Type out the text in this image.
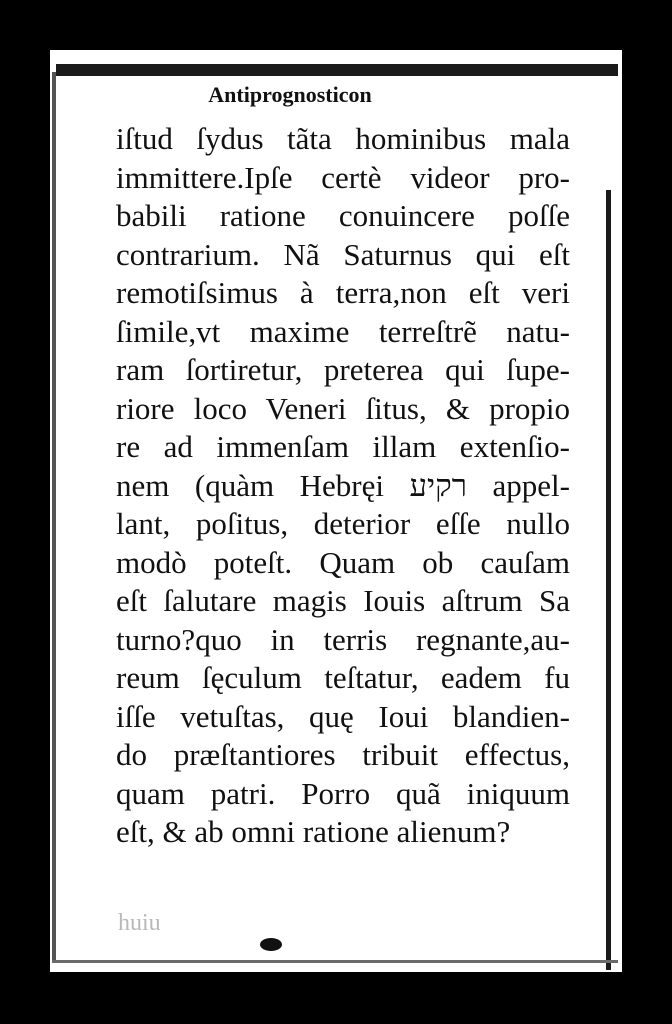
Antiprognosticon
iſtud ſydus tãta hominibus mala
immittere.Ipſe certè videor pro-
babili ratione conuincere poſſe
contrarium. Nã Saturnus qui eſt
remotiſsimus à terra,non eſt veri
ſimile,vt maxime terreſtrẽ natu-
ram ſortiretur, preterea qui ſupe-
riore loco Veneri ſitus, & propio
re ad immenſam illam extenſio-
nem (quàm Hebręi רקיע appel-
lant, poſitus, deterior eſſe nullo
modò poteſt. Quam ob cauſam
eſt ſalutare magis Iouis aſtrum Sa
turno?quo in terris regnante,au-
reum ſęculum teſtatur, eadem fu
iſſe vetuſtas, quę Ioui blandien-
do præſtantiores tribuit effectus,
quam patri. Porro quã iniquum
eſt, & ab omni ratione alienum?
huiu
